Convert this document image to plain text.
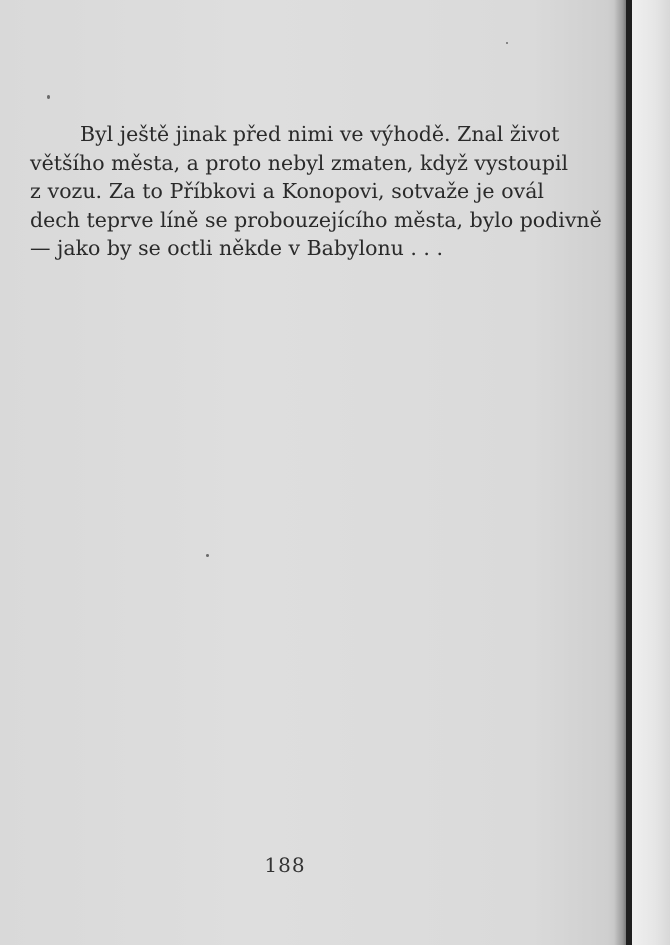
Byl ještě jinak před nimi ve výhodě. Znal život
většího města, a proto nebyl zmaten, když vystoupil
z vozu. Za to Příbkovi a Konopovi, sotvaže je ovál
dech teprve líně se probouzejícího města, bylo podivně
— jako by se octli někde v Babylonu . . .
188
